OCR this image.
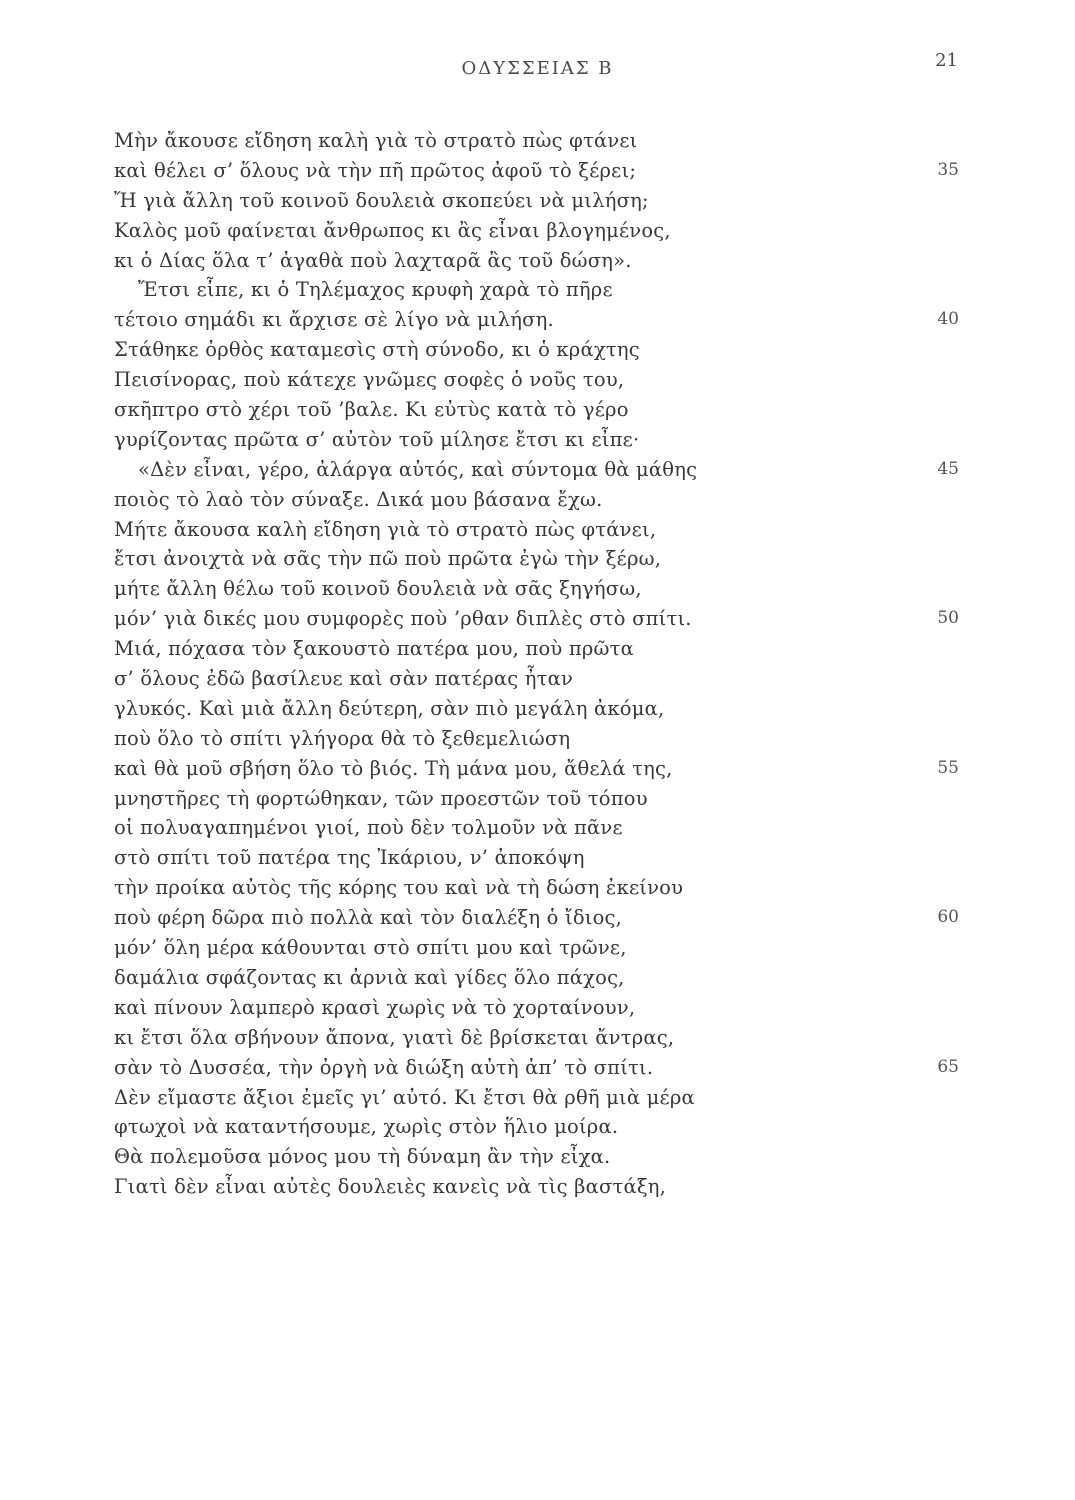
ΟΔΥΣΣΕΙΑΣ Β	21
Μὴν ἄκουσε εἴδηση καλὴ γιὰ τὸ στρατὸ πὼς φτάνει
καὶ θέλει σ’ ὅλους νὰ τὴν πῆ πρῶτος ἀφοῦ τὸ ξέρει;	35
Ἤ γιὰ ἄλλη τοῦ κοινοῦ δουλειὰ σκοπεύει νὰ μιλήση;
Καλὸς μοῦ φαίνεται ἄνθρωπος κι ἂς εἶναι βλογημένος,
κι ὁ Δίας ὅλα τ’ ἀγαθὰ ποὺ λαχταρᾶ ἂς τοῦ δώση».
Ἔτσι εἶπε, κι ὁ Τηλέμαχος κρυφὴ χαρὰ τὸ πῆρε
τέτοιο σημάδι κι ἄρχισε σὲ λίγο νὰ μιλήση.	40
Στάθηκε ὀρθὸς καταμεσὶς στὴ σύνοδο, κι ὁ κράχτης
Πεισίνορας, ποὺ κάτεχε γνῶμες σοφὲς ὁ νοῦς του,
σκῆπτρο στὸ χέρι τοῦ ’βαλε. Κι εὐτὺς κατὰ τὸ γέρο
γυρίζοντας πρῶτα σ’ αὐτὸν τοῦ μίλησε ἔτσι κι εἶπε·
«Δὲν εἶναι, γέρο, ἀλάργα αὐτός, καὶ σύντομα θὰ μάθης	45
ποιὸς τὸ λαὸ τὸν σύναξε. Δικά μου βάσανα ἔχω.
Μήτε ἄκουσα καλὴ εἴδηση γιὰ τὸ στρατὸ πὼς φτάνει,
ἔτσι ἀνοιχτὰ νὰ σᾶς τὴν πῶ ποὺ πρῶτα ἐγὼ τὴν ξέρω,
μήτε ἄλλη θέλω τοῦ κοινοῦ δουλειὰ νὰ σᾶς ξηγήσω,
μόν’ γιὰ δικές μου συμφορὲς ποὺ ’ρθαν διπλὲς στὸ σπίτι.	50
Μιά, πόχασα τὸν ξακουστὸ πατέρα μου, ποὺ πρῶτα
σ’ ὅλους ἐδῶ βασίλευε καὶ σὰν πατέρας ἦταν
γλυκός. Καὶ μιὰ ἄλλη δεύτερη, σὰν πιὸ μεγάλη ἀκόμα,
ποὺ ὅλο τὸ σπίτι γλήγορα θὰ τὸ ξεθεμελιώση
καὶ θὰ μοῦ σβήση ὅλο τὸ βιός. Τὴ μάνα μου, ἄθελά της,	55
μνηστῆρες τὴ φορτώθηκαν, τῶν προεστῶν τοῦ τόπου
οἱ πολυαγαπημένοι γιοί, ποὺ δὲν τολμοῦν νὰ πᾶνε
στὸ σπίτι τοῦ πατέρα της Ἰκάριου, ν’ ἀποκόψη
τὴν προίκα αὐτὸς τῆς κόρης του καὶ νὰ τὴ δώση ἐκείνου
ποὺ φέρη δῶρα πιὸ πολλὰ καὶ τὸν διαλέξη ὁ ἴδιος,	60
μόν’ ὅλη μέρα κάθουνται στὸ σπίτι μου καὶ τρῶνε,
δαμάλια σφάζοντας κι ἀρνιὰ καὶ γίδες ὅλο πάχος,
καὶ πίνουν λαμπερὸ κρασὶ χωρὶς νὰ τὸ χορταίνουν,
κι ἔτσι ὅλα σβήνουν ἄπονα, γιατὶ δὲ βρίσκεται ἄντρας,
σὰν τὸ Δυσσέα, τὴν ὀργὴ νὰ διώξη αὐτὴ ἀπ’ τὸ σπίτι.	65
Δὲν εἴμαστε ἄξιοι ἐμεῖς γι’ αὐτό. Κι ἔτσι θὰ ρθῆ μιὰ μέρα
φτωχοὶ νὰ καταντήσουμε, χωρὶς στὸν ἥλιο μοίρα.
Θὰ πολεμοῦσα μόνος μου τὴ δύναμη ἂν τὴν εἶχα.
Γιατὶ δὲν εἶναι αὐτὲς δουλειὲς κανεὶς νὰ τὶς βαστάξη,
